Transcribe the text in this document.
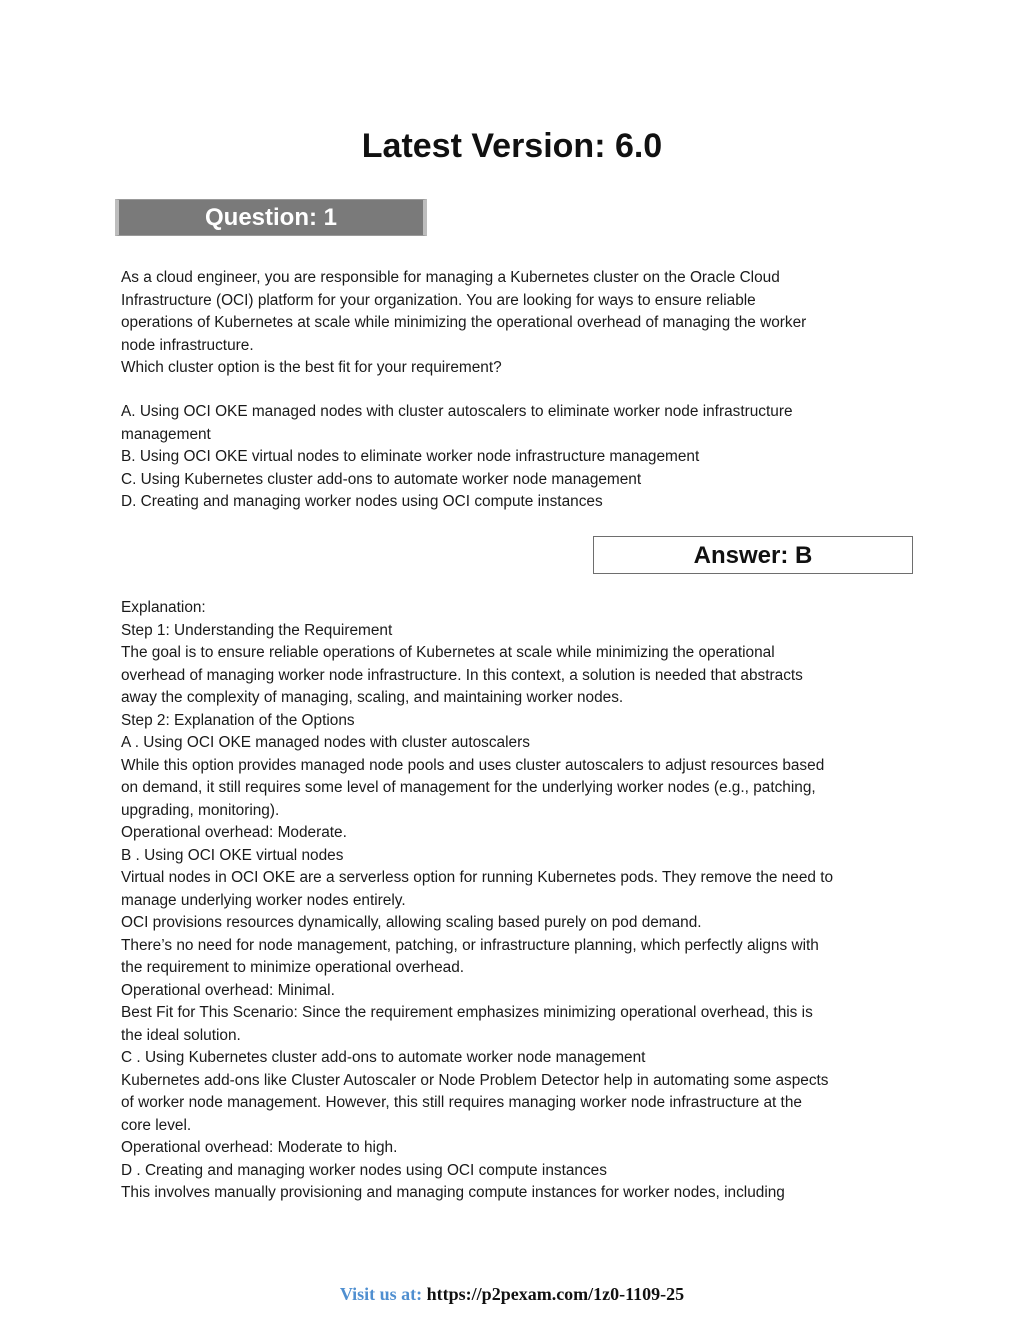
Latest Version: 6.0
Question: 1

As a cloud engineer, you are responsible for managing a Kubernetes cluster on the Oracle Cloud

Infrastructure (OCI) platform for your organization. You are looking for ways to ensure reliable

operations of Kubernetes at scale while minimizing the operational overhead of managing the worker

node infrastructure.

Which cluster option is the best fit for your requirement?

A. Using OCI OKE managed nodes with cluster autoscalers to eliminate worker node infrastructure

management

B. Using OCI OKE virtual nodes to eliminate worker node infrastructure management

C. Using Kubernetes cluster add-ons to automate worker node management

D. Creating and managing worker nodes using OCI compute instances

Answer: B

Explanation:

Step 1: Understanding the Requirement

The goal is to ensure reliable operations of Kubernetes at scale while minimizing the operational

overhead of managing worker node infrastructure. In this context, a solution is needed that abstracts

away the complexity of managing, scaling, and maintaining worker nodes.

Step 2: Explanation of the Options

A . Using OCI OKE managed nodes with cluster autoscalers

While this option provides managed node pools and uses cluster autoscalers to adjust resources based

on demand, it still requires some level of management for the underlying worker nodes (e.g., patching,

upgrading, monitoring).

Operational overhead: Moderate.

B . Using OCI OKE virtual nodes

Virtual nodes in OCI OKE are a serverless option for running Kubernetes pods. They remove the need to

manage underlying worker nodes entirely.

OCI provisions resources dynamically, allowing scaling based purely on pod demand.

There’s no need for node management, patching, or infrastructure planning, which perfectly aligns with

the requirement to minimize operational overhead.

Operational overhead: Minimal.

Best Fit for This Scenario: Since the requirement emphasizes minimizing operational overhead, this is

the ideal solution.

C . Using Kubernetes cluster add-ons to automate worker node management

Kubernetes add-ons like Cluster Autoscaler or Node Problem Detector help in automating some aspects

of worker node management. However, this still requires managing worker node infrastructure at the

core level.

Operational overhead: Moderate to high.

D . Creating and managing worker nodes using OCI compute instances

This involves manually provisioning and managing compute instances for worker nodes, including

Visit us at: https://p2pexam.com/1z0-1109-25
